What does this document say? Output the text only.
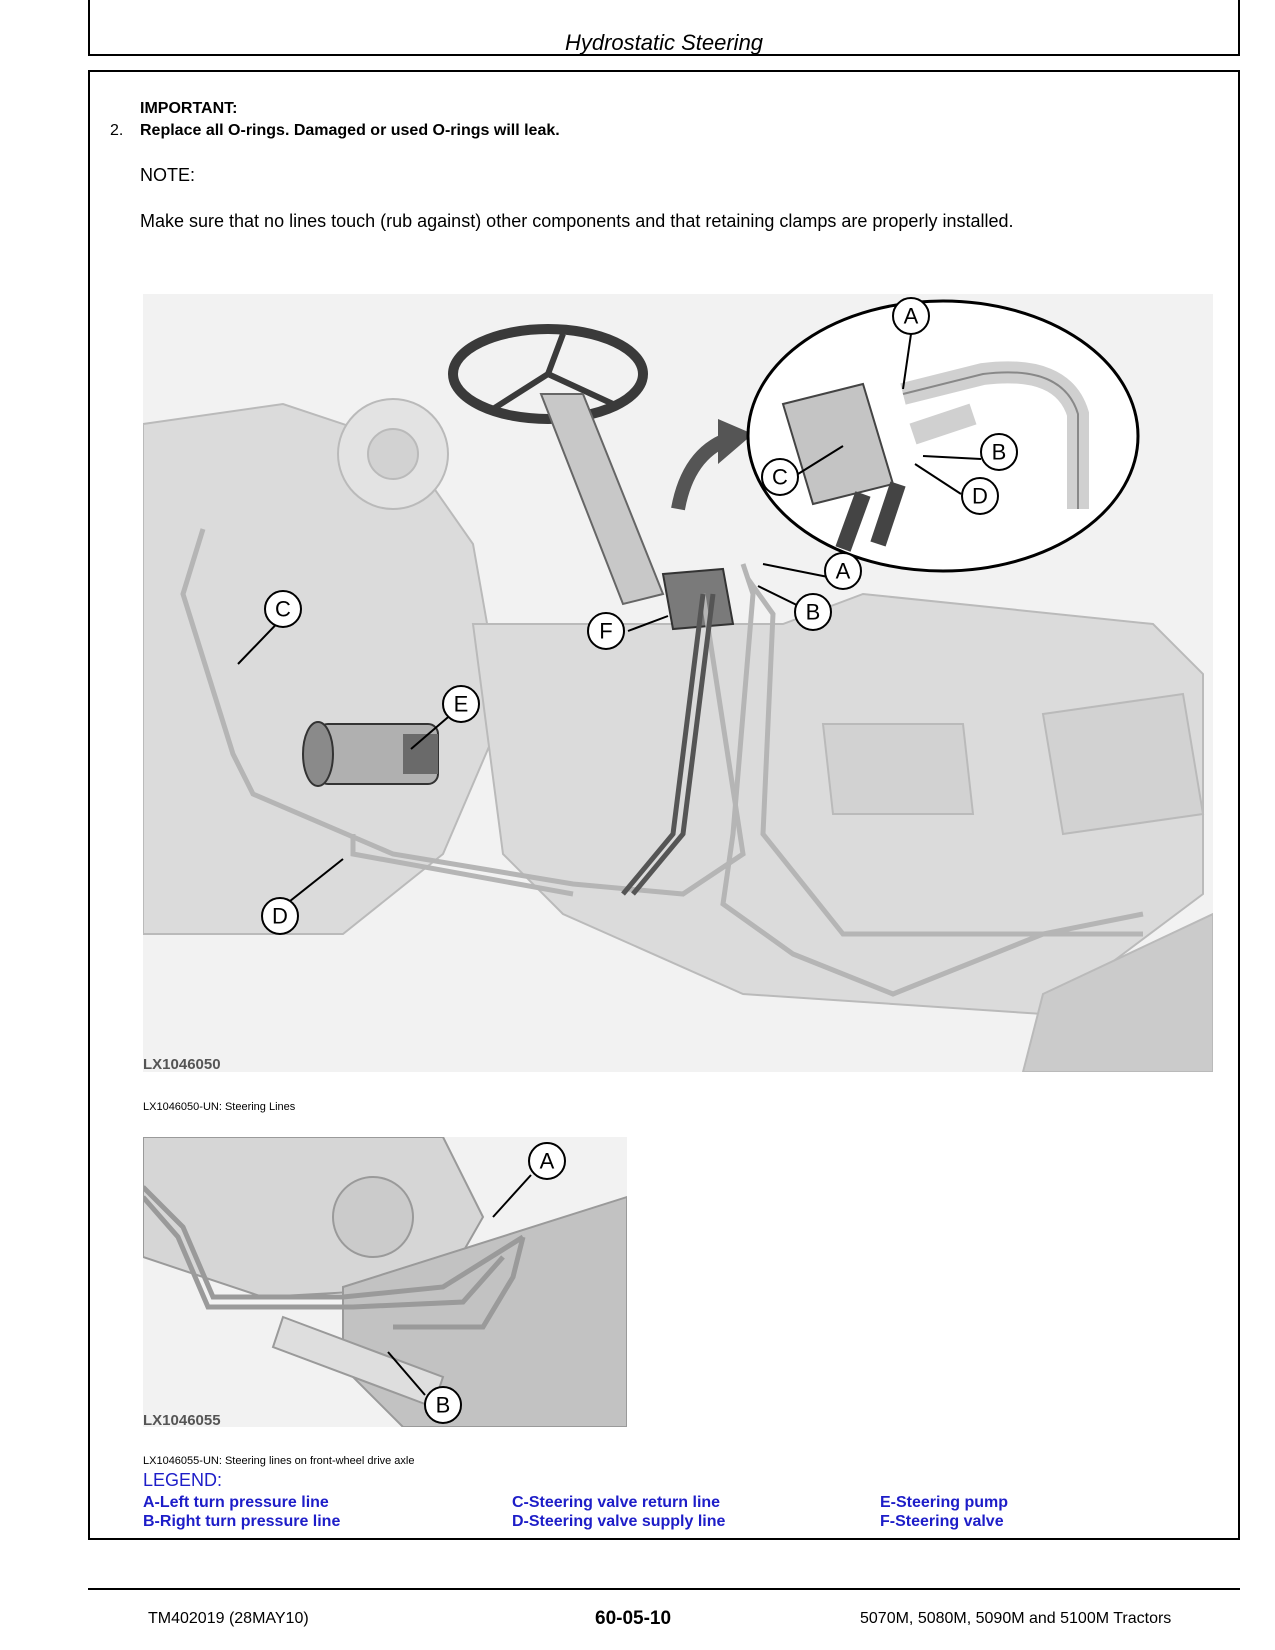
Hydrostatic Steering
IMPORTANT:
2. Replace all O-rings. Damaged or used O-rings will leak.
NOTE:
Make sure that no lines touch (rub against) other components and that retaining clamps are properly installed.
A
B
C
D
A
B
C
D
E
F
LX1046050
LX1046050-UN: Steering Lines
A
B
LX1046055
LX1046055-UN: Steering lines on front-wheel drive axle
LEGEND:
A-Left turn pressure line
B-Right turn pressure line
C-Steering valve return line
D-Steering valve supply line
E-Steering pump
F-Steering valve
TM402019 (28MAY10)	60-05-10	5070M, 5080M, 5090M and 5100M Tractors
